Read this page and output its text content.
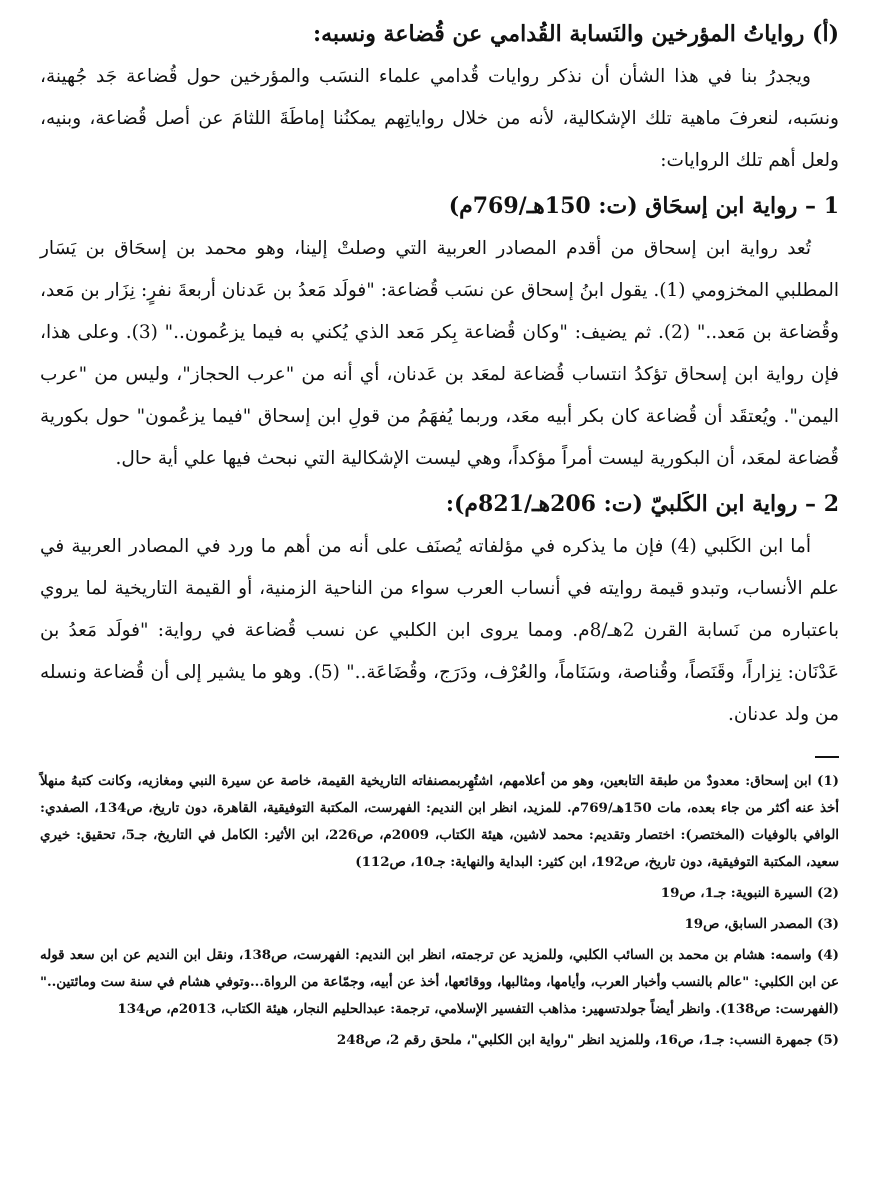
(أ) رواياتُ المؤرخين والنَسابة القُدامي عن قُضاعة ونسبه:

ويجدرُ بنا في هذا الشأن أن نذكر روايات قُدامي علماء النسَب والمؤرخين حول قُضاعة جَد جُهينة، ونسَبه، لنعرفَ ماهية تلك الإشكالية، لأنه من خلال رواياتِهم يمكنُنا إماطَةَ اللثامَ عن أصل قُضاعة، وبنيه، ولعل أهم تلك الروايات:

1 – رواية ابن إسحَاق (ت: 150هـ/769م)

تُعد رواية ابن إسحاق من أقدم المصادر العربية التي وصلتْ إلينا، وهو محمد بن إسحَاق بن يَسَار المطلبي المخزومي (1). يقول ابنُ إسحاق عن نسَب قُضاعة: "فولَد مَعدُ بن عَدنان أربعةَ نفرٍ: نِزَار بن مَعد، وقُضاعة بن مَعد.." (2). ثم يضيف: "وكان قُضاعة بِكر مَعد الذي يُكني به فيما يزعُمون.." (3). وعلى هذا، فإن رواية ابن إسحاق تؤكدُ انتساب قُضاعة لمعَد بن عَدنان، أي أنه من "عرب الحجاز"، وليس من "عرب اليمن". ويُعتقَد أن قُضاعة كان بكر أبيه معَد، وربما يُفهَمُ من قولِ ابن إسحاق "فيما يزعُمون" حول بكورية قُضاعة لمعَد، أن البكورية ليست أمراً مؤكداً، وهي ليست الإشكالية التي نبحث فيها علي أية حال.

2 – رواية ابن الكَلبيّ (ت: 206هـ/821م):

أما ابن الكَلبي (4) فإن ما يذكره في مؤلفاته يُصنَف على أنه من أهم ما ورد في المصادر العربية في علم الأنساب، وتبدو قيمة روايته في أنساب العرب سواء من الناحية الزمنية، أو القيمة التاريخية لما يروي باعتباره من نَسابة القرن 2هـ/8م. ومما يروى ابن الكلبي عن نسب قُضاعة في رواية: "فولَد مَعدُ بن عَدْنَان: نِزاراً، وقَنَصاً، وقُناصة، وسَنَاماً، والعُرْف، ودَرَج، وقُضَاعَة.." (5). وهو ما يشير إلى أن قُضاعة ونسله من ولد عدنان.

(1) ابن إسحاق: معدودٌ من طبقة التابعين، وهو من أعلامهم، اشتُهِربمصنفاته التاريخية القيمة، خاصة عن سيرة النبي ومغازيه، وكانت كتبهُ منهلاً أخذ عنه أكثر من جاء بعده، مات 150هـ/769م. للمزيد، انظر ابن النديم: الفهرست، المكتبة التوفيقية، القاهرة، دون تاريخ، ص134، الصفدي: الوافي بالوفيات (المختصر): اختصار وتقديم: محمد لاشين، هيئة الكتاب، 2009م، ص226، ابن الأثير: الكامل في التاريخ، جـ5، تحقيق: خيري سعيد، المكتبة التوفيقية، دون تاريخ، ص192، ابن كثير: البداية والنهاية: جـ10، ص112)

(2) السيرة النبوية: جـ1، ص19

(3) المصدر السابق، ص19

(4) واسمه: هشام بن محمد بن السائب الكلبي، وللمزيد عن ترجمته، انظر ابن النديم: الفهرست، ص138، ونقل ابن النديم عن ابن سعد قوله عن ابن الكلبي: "عالم بالنسب وأخبار العرب، وأيامها، ومثالبها، ووقائعها، أخذ عن أبيه، وجمّاعة من الرواة...وتوفي هشام في سنة ست ومائتين.." (الفهرست: ص138). وانظر أيضاً جولدتسهير: مذاهب التفسير الإسلامي، ترجمة: عبدالحليم النجار، هيئة الكتاب، 2013م، ص134

(5) جمهرة النسب: جـ1، ص16، وللمزيد انظر "رواية ابن الكلبي"، ملحق رقم 2، ص248
